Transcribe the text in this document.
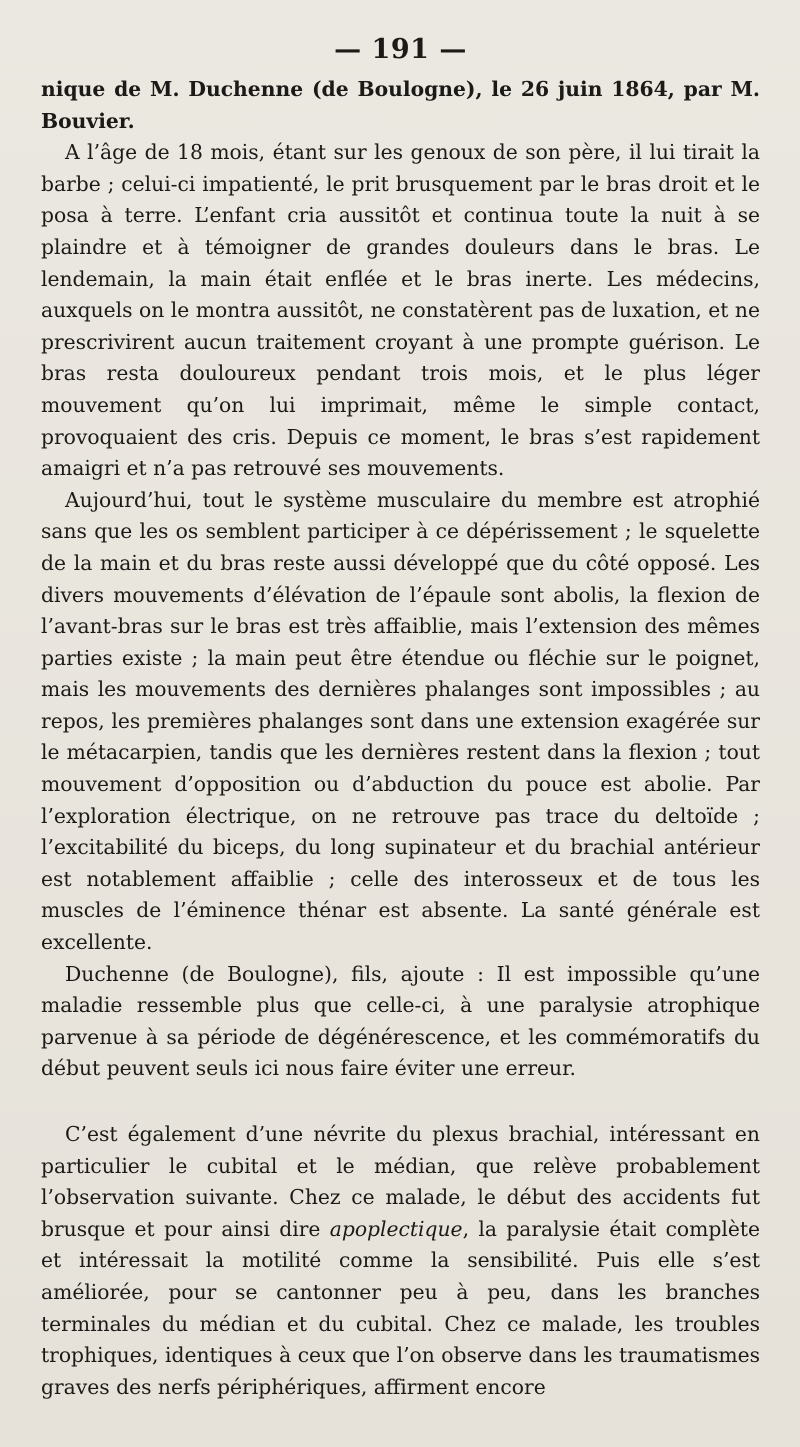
— 191 —

nique de M. Duchenne (de Boulogne), le 26 juin 1864, par M. Bouvier.

A l’âge de 18 mois, étant sur les genoux de son père, il lui tirait la barbe ; celui-ci impatienté, le prit brusquement par le bras droit et le posa à terre. L’enfant cria aussitôt et continua toute la nuit à se plaindre et à témoigner de grandes douleurs dans le bras. Le lendemain, la main était enflée et le bras inerte. Les médecins, auxquels on le montra aussitôt, ne constatèrent pas de luxation, et ne prescrivirent aucun traitement croyant à une prompte guérison. Le bras resta douloureux pendant trois mois, et le plus léger mouvement qu’on lui imprimait, même le simple contact, provoquaient des cris. Depuis ce moment, le bras s’est rapidement amaigri et n’a pas retrouvé ses mouvements.

Aujourd’hui, tout le système musculaire du membre est atrophié sans que les os semblent participer à ce dépérissement ; le squelette de la main et du bras reste aussi développé que du côté opposé. Les divers mouvements d’élévation de l’épaule sont abolis, la flexion de l’avant-bras sur le bras est très affaiblie, mais l’extension des mêmes parties existe ; la main peut être étendue ou fléchie sur le poignet, mais les mouvements des dernières phalanges sont impossibles ; au repos, les premières phalanges sont dans une extension exagérée sur le métacarpien, tandis que les dernières restent dans la flexion ; tout mouvement d’opposition ou d’abduction du pouce est abolie. Par l’exploration électrique, on ne retrouve pas trace du deltoïde ; l’excitabilité du biceps, du long supinateur et du brachial antérieur est notablement affaiblie ; celle des interosseux et de tous les muscles de l’éminence thénar est absente. La santé générale est excellente.

Duchenne (de Boulogne), fils, ajoute : Il est impossible qu’une maladie ressemble plus que celle-ci, à une paralysie atrophique parvenue à sa période de dégénérescence, et les commémoratifs du début peuvent seuls ici nous faire éviter une erreur.

C’est également d’une névrite du plexus brachial, intéressant en particulier le cubital et le médian, que relève probablement l’observation suivante. Chez ce malade, le début des accidents fut brusque et pour ainsi dire apoplectique, la paralysie était complète et intéressait la motilité comme la sensibilité. Puis elle s’est améliorée, pour se cantonner peu à peu, dans les branches terminales du médian et du cubital. Chez ce malade, les troubles trophiques, identiques à ceux que l’on observe dans les traumatismes graves des nerfs périphériques, affirment encore
